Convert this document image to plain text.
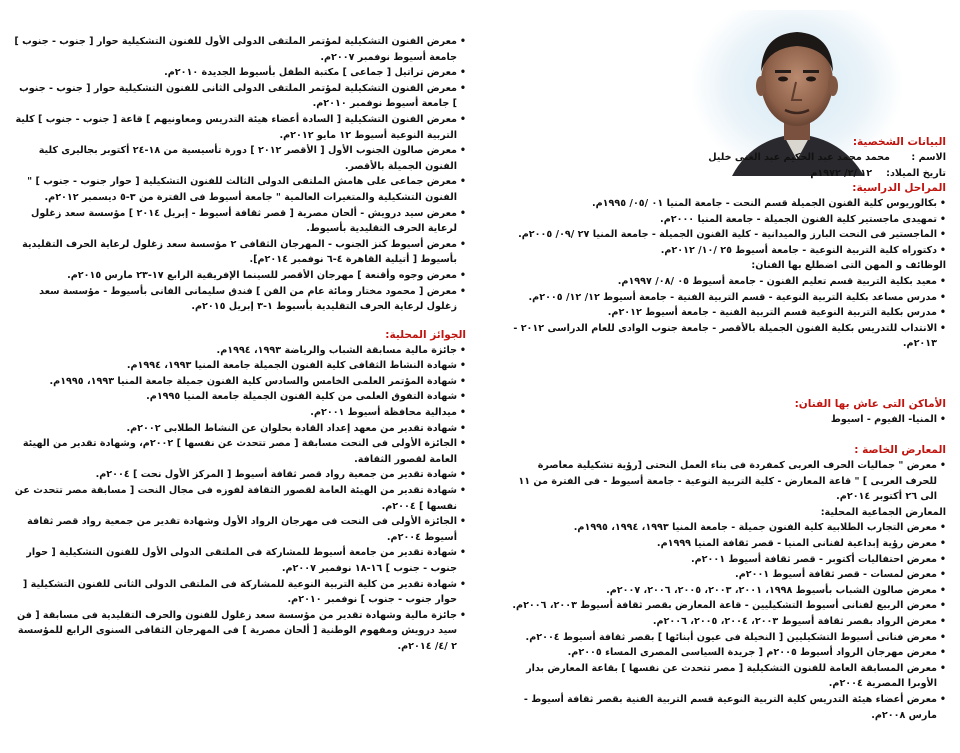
البيانات الشخصية:
الاسم :
محمد محمد عبد الحكيم عبد الغنى خليل
تاريخ الميلاد:
١٢ /٢/ ١٩٧٢م
المراحل الدراسية:
• بكالوريوس كلية الفنون الجميلة قسم النحت - جامعة المنيا ٠١ /٠٥/ ١٩٩٥م.
• تمهيدى ماجستير كلية الفنون الجميلة - جامعة المنيا ٢٠٠٠م.
• الماجستير فى النحت البارز والميدانية - كلية الفنون الجميلة - جامعة المنيا ٢٧ /٠٩/ ٢٠٠٥م.
• دكتوراه كلية التربية النوعية - جامعة أسيوط ٢٥ /١٠/ ٢٠١٢م.
الوظائف و المهن التى اضطلع بها الفنان:
• معيد بكلية التربية قسم تعليم الفنون - جامعة أسيوط ٠٥ /٠٨/ ١٩٩٧م.
• مدرس مساعد بكلية التربية النوعية - قسم التربية الفنية - جامعة أسيوط ١٢/ ١٢/ ٢٠٠٥م.
• مدرس بكلية التربية النوعية قسم التربية الفنية - جامعة أسيوط ٢٠١٢م.
• الانتداب للتدريس بكلية الفنون الجميلة بالأقصر - جامعة جنوب الوادى للعام الدراسى ٢٠١٢ - ٢٠١٣م.
الأماكن التى عاش بها الفنان:
• المنيا- الفيوم - اسيوط
المعارض الخاصة :
• معرض " جماليات الحرف العربى كمفردة فى بناء العمل النحتى [رؤية تشكيلية معاصرة للحرف العربى ] " قاعة المعارض - كلية التربية النوعية - جامعة أسيوط - فى الفترة من ١١ الى ٢٦ أكتوبر ٢٠١٤م.
المعارض الجماعية المحلية:
• معرض التجارب الطلابية كلية الفنون جميلة - جامعة المنيا ١٩٩٣، ١٩٩٤، ١٩٩٥م.
• معرض رؤية إبداعية لفنانى المنيا - قصر ثقافة المنيا ١٩٩٩م.
• معرض احتفاليات أكتوبر - قصر ثقافة أسيوط ٢٠٠١م.
• معرض لمسات - قصر ثقافة أسيوط ٢٠٠١م.
• معرض صالون الشباب بأسيوط ١٩٩٨، ٢٠٠١، ٢٠٠٣، ٢٠٠٥، ٢٠٠٦، ٢٠٠٧م.
• معرض الربيع لفنانى أسيوط التشكيليين - قاعة المعارض بقصر ثقافة أسيوط ٢٠٠٣، ٢٠٠٦م.
• معرض الرواد بقصر ثقافة أسيوط ٢٠٠٣، ٢٠٠٤، ٢٠٠٥، ٢٠٠٦م.
• معرض فنانى أسيوط التشكيليين [ النخيلة فى عيون أبنائها ] بقصر ثقافة أسيوط ٢٠٠٤م.
• معرض مهرجان الرواد أسيوط ٢٠٠٥م [ جريدة السياسى المصرى المساء ٢٠٠٥م.
• معرض المسابقة العامة للفنون التشكيلية [ مصر تتحدث عن نفسها ] بقاعة المعارض بدار الأوبرا المصرية ٢٠٠٤م.
• معرض أعضاء هيئة التدريس كلية التربية النوعية قسم التربية الفنية بقصر ثقافة أسيوط - مارس ٢٠٠٨م.
• معرض الفنون التشكيلية لمؤتمر الملتقى الدولى الأول للفنون التشكيلية حوار [ جنوب - جنوب ] جامعة أسيوط نوفمبر ٢٠٠٧م.
• معرض تراتيل [ جماعى ] مكتبة الطفل بأسيوط الجديدة ٢٠١٠م.
• معرض الفنون التشكيلية لمؤتمر الملتقى الدولى الثانى للفنون التشكيلية حوار [ جنوب - جنوب ] جامعة أسيوط نوفمبر ٢٠١٠م.
• معرض الفنون التشكيلية [ السادة أعضاء هيئة التدريس ومعاونيهم ] قاعة [ جنوب - جنوب ] كلية التربية النوعية أسيوط ١٢ مايو ٢٠١٢م.
• معرض صالون الجنوب الأول [ الأقصر ٢٠١٢ ] دورة تأسيسية من ١٨-٢٤ أكتوبر بجاليرى كلية الفنون الجميلة بالأقصر.
• معرض جماعى على هامش الملتقى الدولى الثالث للفنون التشكيلية [ حوار جنوب - جنوب ] " الفنون التشكيلية والمتغيرات العالمية " جامعة أسيوط فى الفترة من ٣-٥ ديسمبر ٢٠١٢م.
• معرض سيد درويش - ألحان مصرية [ قصر ثقافة أسيوط - إبريل ٢٠١٤ ] مؤسسة سعد زغلول لرعاية الحرف التقليدية بأسيوط.
• معرض أسيوط كنز الجنوب - المهرجان الثقافى ٢ مؤسسة سعد زغلول لرعاية الحرف التقليدية بأسيوط [ أتيلية القاهرة ٤-٦ نوفمبر ٢٠١٤م].
• معرض وجوه وأقنعة ] مهرجان الأقصر للسينما الإفريقية الرابع ١٧-٢٣ مارس ٢٠١٥م.
• معرض [ محمود مختار ومائة عام من الفن ] فندق سليمانى الفانى بأسيوط - مؤسسة سعد زغلول لرعاية الحرف التقليدية بأسيوط ١-٣ إبريل ٢٠١٥م.
الجوائز المحلية:
• جائزة مالية مسابقة الشباب والرياضة ١٩٩٣، ١٩٩٤م.
• شهادة النشاط الثقافى كلية الفنون الجميلة جامعة المنيا ١٩٩٣، ١٩٩٤م.
• شهادة المؤتمر العلمى الخامس والسادس كلية الفنون جميلة جامعة المنيا ١٩٩٣، ١٩٩٥م.
• شهادة التفوق العلمى من كلية الفنون الجميلة جامعة المنيا ١٩٩٥م.
• ميدالية محافظة أسيوط ٢٠٠١م.
• شهادة تقدير من معهد إعداد القادة بحلوان عن النشاط الطلابى ٢٠٠٢م.
• الجائزة الأولى فى النحت مسابقة [ مصر تتحدث عن نفسها ] ٢٠٠٢م، وشهادة تقدير من الهيئة العامة لقصور الثقافة.
• شهادة تقدير من جمعية رواد قصر ثقافة أسيوط [ المركز الأول نحت ] ٢٠٠٤م.
• شهادة تقدير من الهيئة العامة لقصور الثقافة لفوزه فى مجال النحت [ مسابقة مصر تتحدث عن نفسها ] ٢٠٠٤م.
• الجائزة الأولى فى النحت فى مهرجان الرواد الأول وشهادة تقدير من جمعية رواد قصر ثقافة أسيوط ٢٠٠٤م.
• شهادة تقدير من جامعة أسيوط للمشاركة فى الملتقى الدولى الأول للفنون التشكيلية [ حوار جنوب - جنوب ] ١٦-١٨ نوفمبر ٢٠٠٧م.
• شهادة تقدير من كلية التربية النوعية للمشاركة فى الملتقى الدولى الثانى للفنون التشكيلية [ حوار جنوب - جنوب ] نوفمبر ٢٠١٠م.
• جائزة مالية وشهادة تقدير من مؤسسة سعد زغلول للفنون والحرف التقليدية فى مسابقة [ فن سيد درويش ومفهوم الوطنية [ ألحان مصرية ] فى المهرجان الثقافى السنوى الرابع للمؤسسة ٢ /٤/ ٢٠١٤م.
